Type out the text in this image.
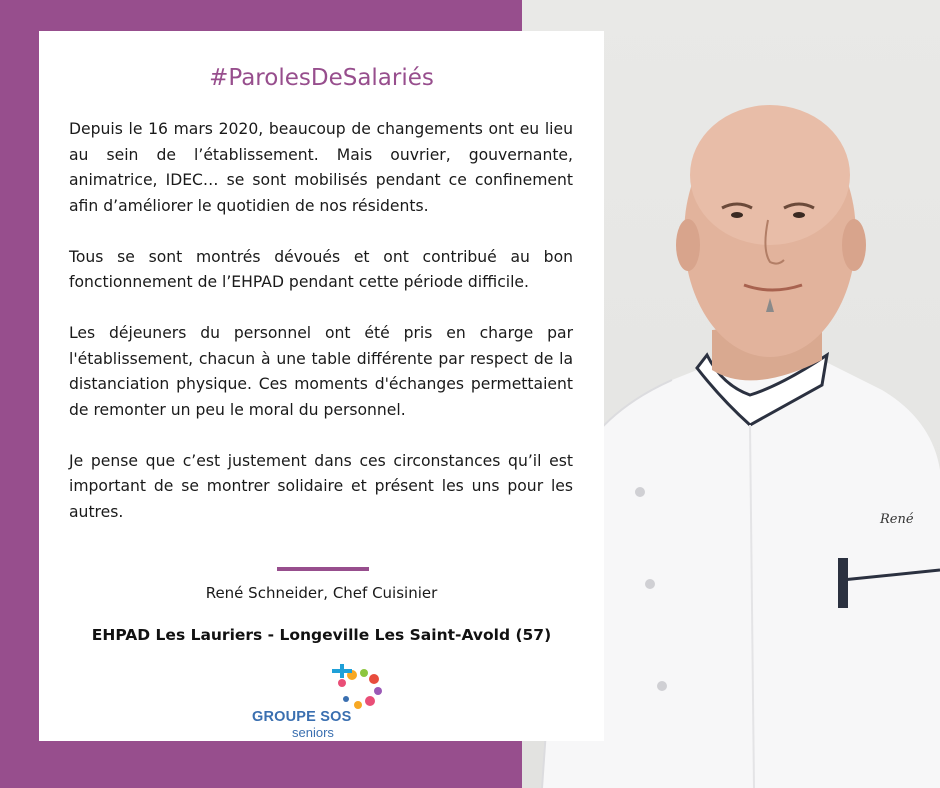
René
#ParolesDeSalariés

Depuis le 16 mars 2020, beaucoup de changements ont eu lieu au sein de l’établissement. Mais ouvrier, gouvernante, animatrice, IDEC… se sont mobilisés pendant ce confinement afin d’améliorer le quotidien de nos résidents.

Tous se sont montrés dévoués et ont contribué au bon fonctionnement de l’EHPAD pendant cette période difficile.

Les déjeuners du personnel ont été pris en charge par l'établissement, chacun à une table différente par respect de la distanciation physique. Ces moments d'échanges permettaient de remonter un peu le moral du personnel.

Je pense que c’est justement dans ces circonstances qu’il est important de se montrer solidaire et présent les uns pour les autres.

René Schneider, Chef Cuisinier
EHPAD Les Lauriers - Longeville Les Saint-Avold (57)
GROUPE SOS
seniors
